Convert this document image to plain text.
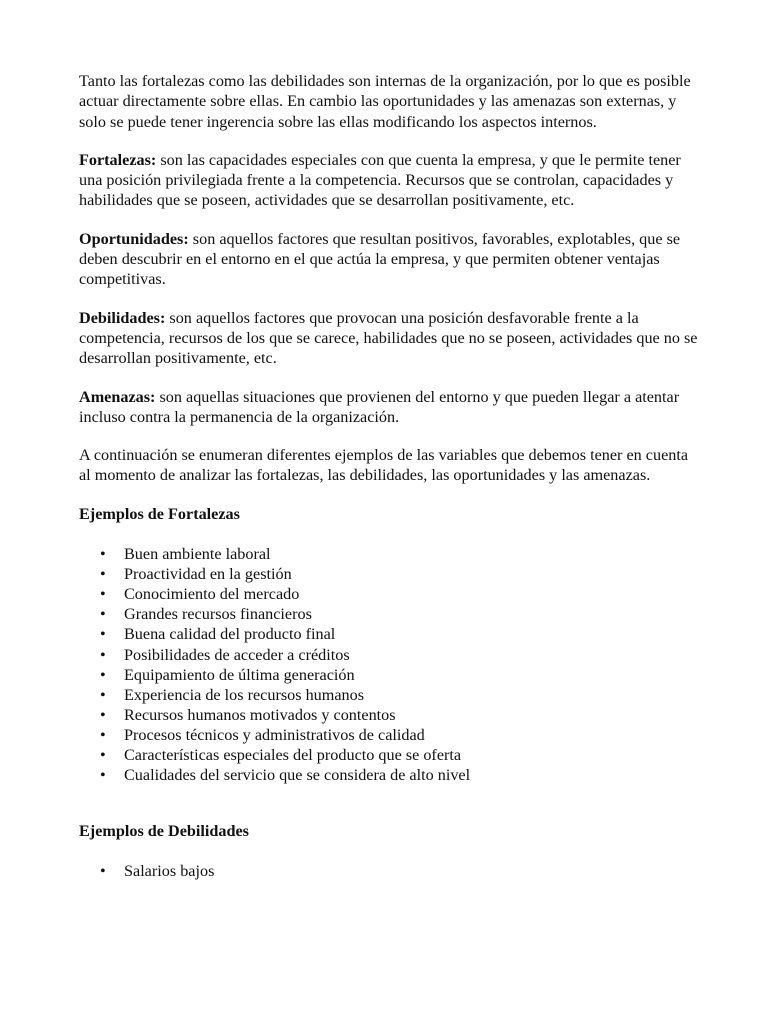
Tanto las fortalezas como las debilidades son internas de la organización, por lo que es posible actuar directamente sobre ellas. En cambio las oportunidades y las amenazas son externas, y solo se puede tener ingerencia sobre las ellas modificando los aspectos internos.

Fortalezas: son las capacidades especiales con que cuenta la empresa, y que le permite tener una posición privilegiada frente a la competencia. Recursos que se controlan, capacidades y habilidades que se poseen, actividades que se desarrollan positivamente, etc.

Oportunidades: son aquellos factores que resultan positivos, favorables, explotables, que se deben descubrir en el entorno en el que actúa la empresa, y que permiten obtener ventajas competitivas.

Debilidades: son aquellos factores que provocan una posición desfavorable frente a la competencia, recursos de los que se carece, habilidades que no se poseen, actividades que no se desarrollan positivamente, etc.

Amenazas: son aquellas situaciones que provienen del entorno y que pueden llegar a atentar incluso contra la permanencia de la organización.

A continuación se enumeran diferentes ejemplos de las variables que debemos tener en cuenta al momento de analizar las fortalezas, las debilidades, las oportunidades y las amenazas.

Ejemplos de Fortalezas
• Buen ambiente laboral
• Proactividad en la gestión
• Conocimiento del mercado
• Grandes recursos financieros
• Buena calidad del producto final
• Posibilidades de acceder a créditos
• Equipamiento de última generación
• Experiencia de los recursos humanos
• Recursos humanos motivados y contentos
• Procesos técnicos y administrativos de calidad
• Características especiales del producto que se oferta
• Cualidades del servicio que se considera de alto nivel
Ejemplos de Debilidades
• Salarios bajos
